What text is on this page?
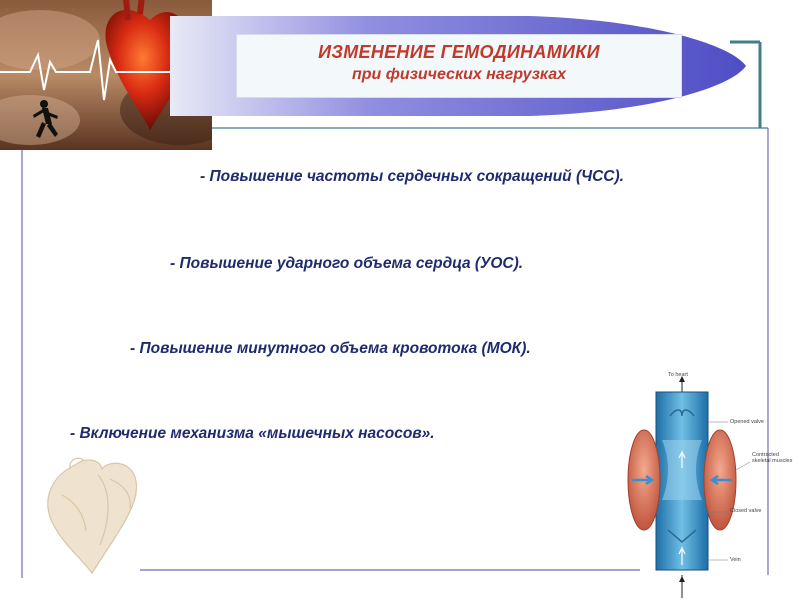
ИЗМЕНЕНИЕ ГЕМОДИНАМИКИ
при физических нагрузках
- Повышение частоты сердечных сокращений (ЧСС).
- Повышение ударного объема сердца (УОС).
- Повышение минутного объема кровотока (МОК).
- Включение механизма «мышечных насосов».
To heart
Opened valve
Contracted skeletal muscles
Closed valve
Vein
